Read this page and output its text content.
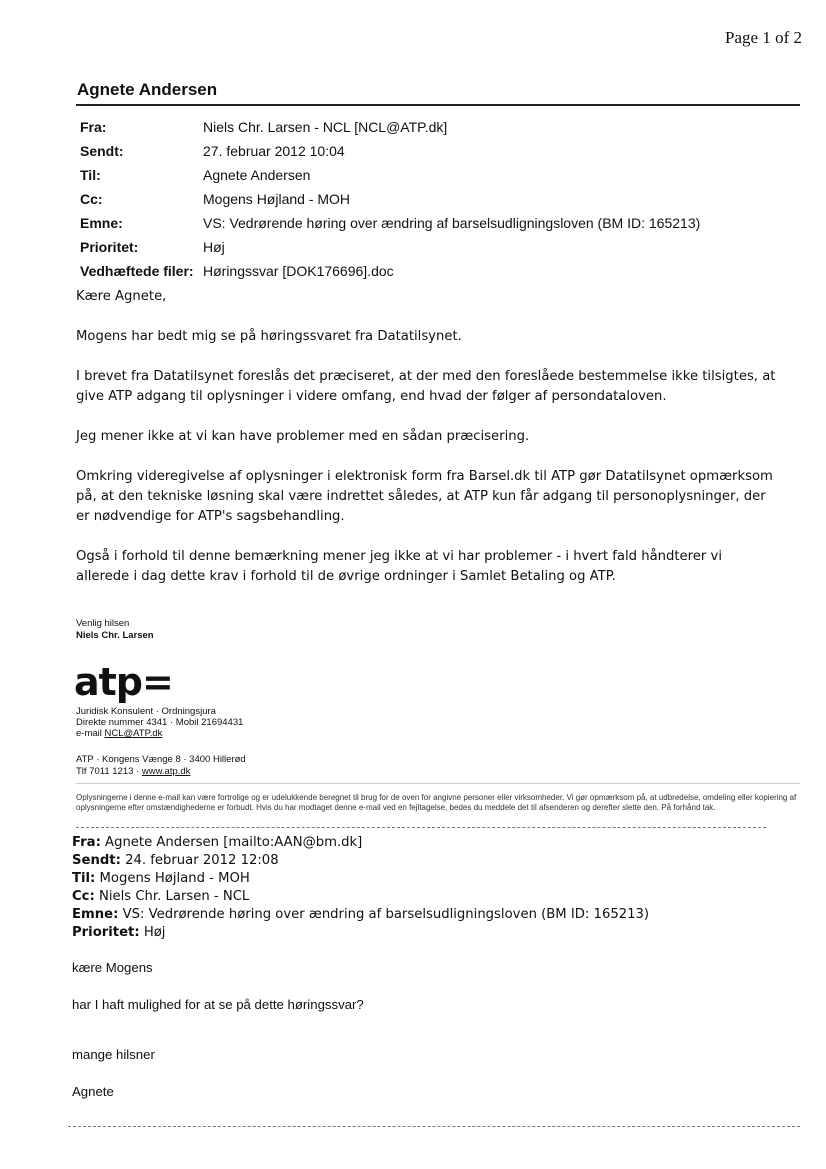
Page 1 of 2
Agnete Andersen
Fra:	Niels Chr. Larsen - NCL [NCL@ATP.dk]
Sendt:	27. februar 2012 10:04
Til:	Agnete Andersen
Cc:	Mogens Højland - MOH
Emne:	VS: Vedrørende høring over ændring af barselsudligningsloven (BM ID: 165213)
Prioritet:	Høj
Vedhæftede filer: Høringssvar [DOK176696].doc

Kære Agnete,

Mogens har bedt mig se på høringssvaret fra Datatilsynet.

I brevet fra Datatilsynet foreslås det præciseret, at der med den foreslåede bestemmelse ikke tilsigtes, at give ATP adgang til oplysninger i videre omfang, end hvad der følger af persondataloven.

Jeg mener ikke at vi kan have problemer med en sådan præcisering.

Omkring videregivelse af oplysninger i elektronisk form fra Barsel.dk til ATP gør Datatilsynet opmærksom på, at den tekniske løsning skal være indrettet således, at ATP kun får adgang til personoplysninger, der er nødvendige for ATP's sagsbehandling.

Også i forhold til denne bemærkning mener jeg ikke at vi har problemer - i hvert fald håndterer vi allerede i dag dette krav i forhold til de øvrige ordninger i Samlet Betaling og ATP.

Venlig hilsen
Niels Chr. Larsen
atp=
Juridisk Konsulent · Ordningsjura
Direkte nummer 4341 · Mobil 21694431
e-mail NCL@ATP.dk
ATP · Kongens Vænge 8 · 3400 Hillerød
Tlf 7011 1213 · www.atp.dk
Oplysningerne i denne e-mail kan være fortrolige og er udelukkende beregnet til brug for de oven for angivne personer eller virksomheder. Vi gør opmærksom på, at udbredelse, omdeling eller kopiering af oplysningerne efter omstændighederne er forbudt. Hvis du har modtaget denne e-mail ved en fejltagelse, bedes du meddele det til afsenderen og derefter slette den. På forhånd tak.
Fra: Agnete Andersen [mailto:AAN@bm.dk]
Sendt: 24. februar 2012 12:08
Til: Mogens Højland - MOH
Cc: Niels Chr. Larsen - NCL
Emne: VS: Vedrørende høring over ændring af barselsudligningsloven (BM ID: 165213)
Prioritet: Høj
kære Mogens
har I haft mulighed for at se på dette høringssvar?
mange hilsner
Agnete
